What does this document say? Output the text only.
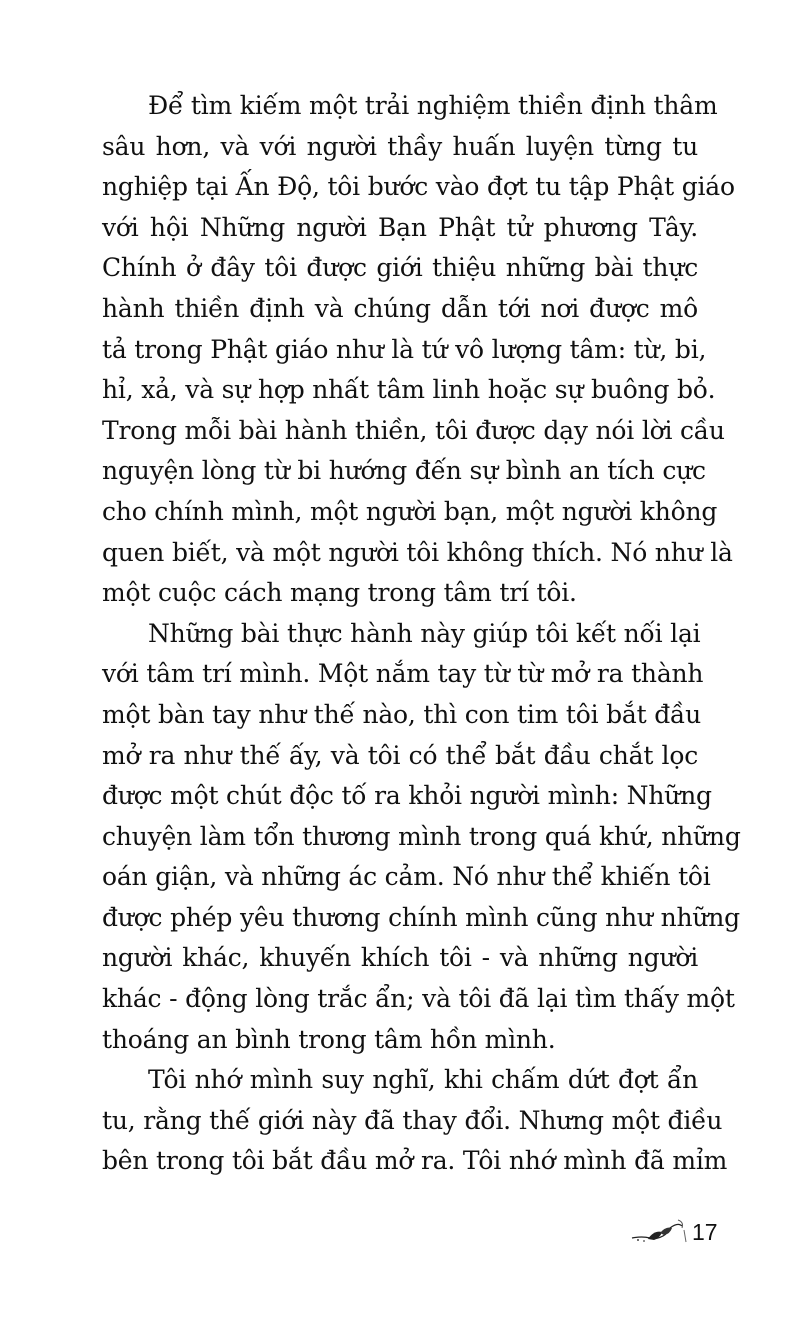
Để tìm kiếm một trải nghiệm thiền định thâm
sâu hơn, và với người thầy huấn luyện từng tu
nghiệp tại Ấn Độ, tôi bước vào đợt tu tập Phật giáo
với hội Những người Bạn Phật tử phương Tây.
Chính ở đây tôi được giới thiệu những bài thực
hành thiền định và chúng dẫn tới nơi được mô
tả trong Phật giáo như là tứ vô lượng tâm: từ, bi,
hỉ, xả, và sự hợp nhất tâm linh hoặc sự buông bỏ.
Trong mỗi bài hành thiền, tôi được dạy nói lời cầu
nguyện lòng từ bi hướng đến sự bình an tích cực
cho chính mình, một người bạn, một người không
quen biết, và một người tôi không thích. Nó như là
một cuộc cách mạng trong tâm trí tôi.
Những bài thực hành này giúp tôi kết nối lại
với tâm trí mình. Một nắm tay từ từ mở ra thành
một bàn tay như thế nào, thì con tim tôi bắt đầu
mở ra như thế ấy, và tôi có thể bắt đầu chắt lọc
được một chút độc tố ra khỏi người mình: Những
chuyện làm tổn thương mình trong quá khứ, những
oán giận, và những ác cảm. Nó như thể khiến tôi
được phép yêu thương chính mình cũng như những
người khác, khuyến khích tôi - và những người
khác - động lòng trắc ẩn; và tôi đã lại tìm thấy một
thoáng an bình trong tâm hồn mình.
Tôi nhớ mình suy nghĩ, khi chấm dứt đợt ẩn
tu, rằng thế giới này đã thay đổi. Nhưng một điều
bên trong tôi bắt đầu mở ra. Tôi nhớ mình đã mỉm
17
